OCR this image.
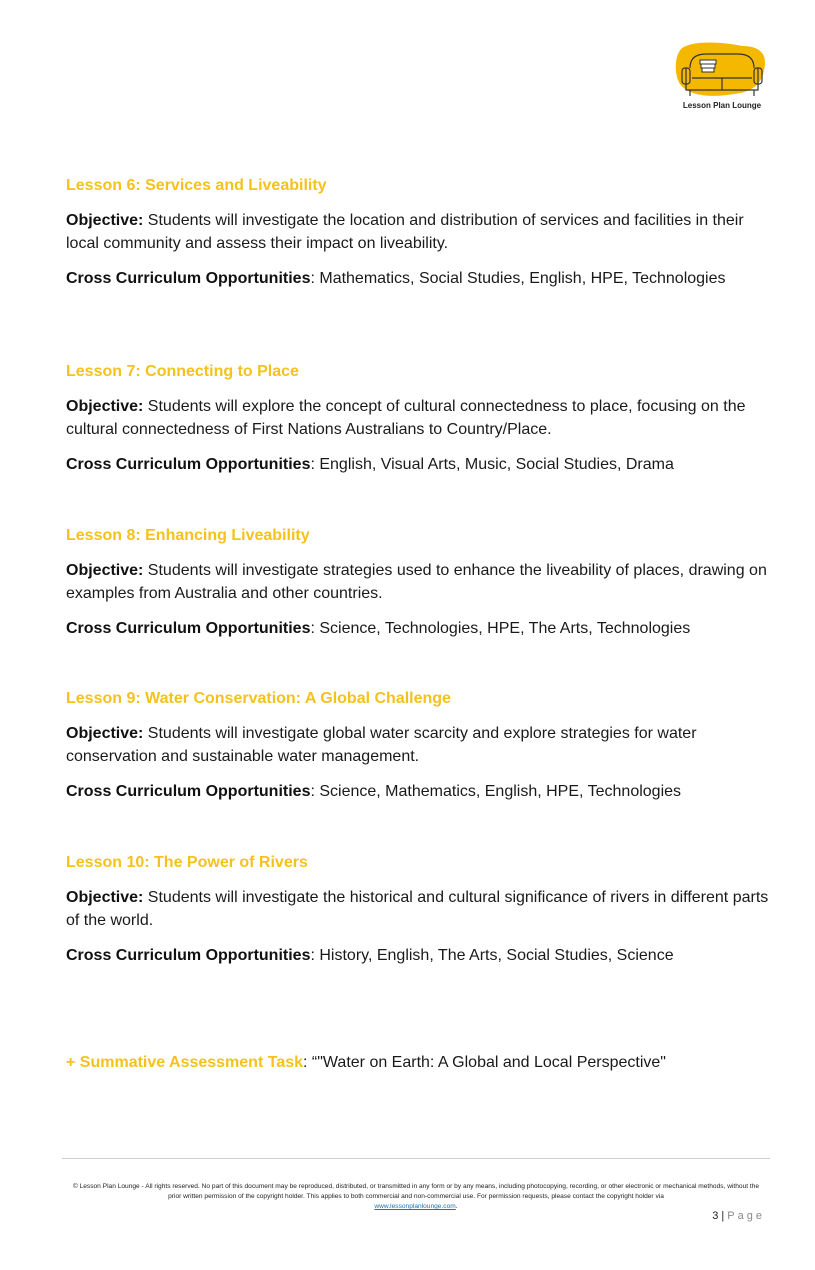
Lesson Plan Lounge

Lesson 6: Services and Liveability

Objective: Students will investigate the location and distribution of services and facilities in their local community and assess their impact on liveability.

Cross Curriculum Opportunities: Mathematics, Social Studies, English, HPE, Technologies

Lesson 7: Connecting to Place

Objective: Students will explore the concept of cultural connectedness to place, focusing on the cultural connectedness of First Nations Australians to Country/Place.

Cross Curriculum Opportunities: English, Visual Arts, Music, Social Studies, Drama

Lesson 8: Enhancing Liveability

Objective: Students will investigate strategies used to enhance the liveability of places, drawing on examples from Australia and other countries.

Cross Curriculum Opportunities: Science, Technologies, HPE, The Arts, Technologies

Lesson 9: Water Conservation: A Global Challenge

Objective: Students will investigate global water scarcity and explore strategies for water conservation and sustainable water management.

Cross Curriculum Opportunities: Science, Mathematics, English, HPE, Technologies

Lesson 10: The Power of Rivers

Objective: Students will investigate the historical and cultural significance of rivers in different parts of the world.

Cross Curriculum Opportunities: History, English, The Arts, Social Studies, Science

+ Summative Assessment Task: “"Water on Earth: A Global and Local Perspective"
© Lesson Plan Lounge - All rights reserved. No part of this document may be reproduced, distributed, or transmitted in any form or by any means, including photocopying, recording, or other electronic or mechanical methods, without the prior written permission of the copyright holder. This applies to both commercial and non-commercial use. For permission requests, please contact the copyright holder via
www.lessonplanlounge.com.
3 | Page
